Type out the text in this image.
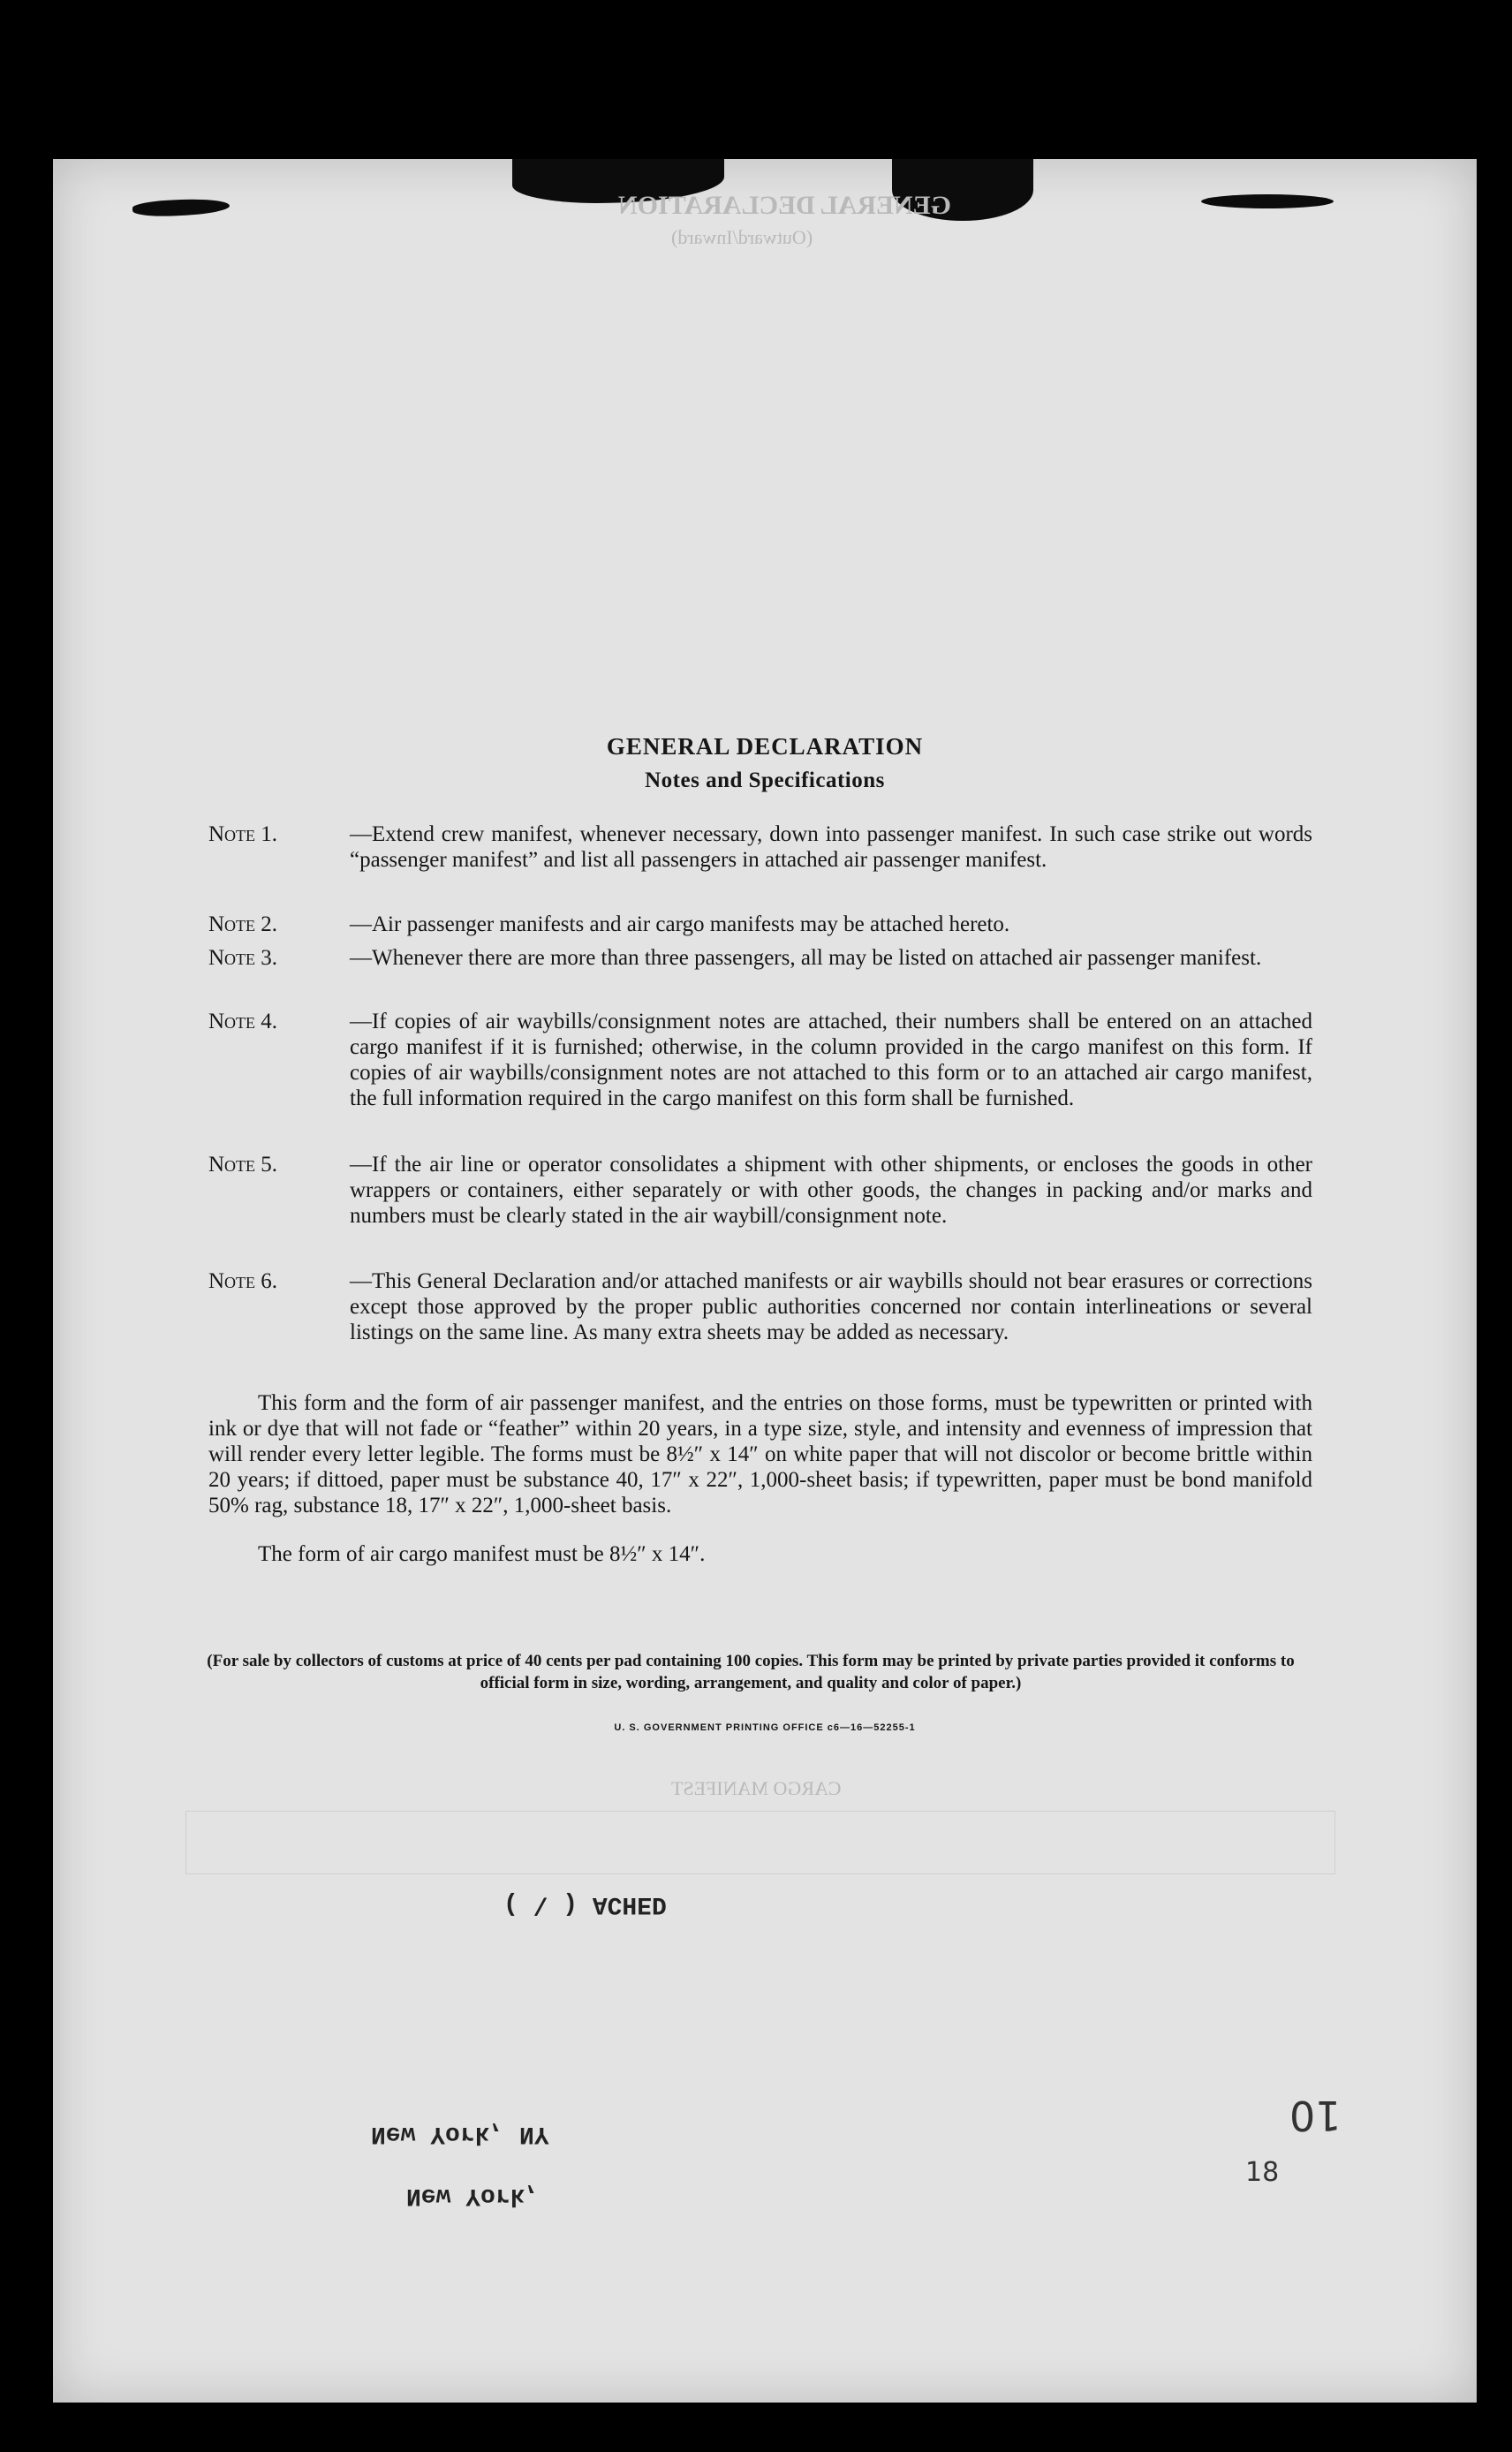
GENERAL DECLARATION
(Outward/Inward)
CARGO MANIFEST
GENERAL DECLARATION
Notes and Specifications
Note 1.	—Extend crew manifest, whenever necessary, down into passenger manifest. In such case strike out words “passenger manifest” and list all passengers in attached air passenger manifest.
Note 2.	—Air passenger manifests and air cargo manifests may be attached hereto.
Note 3.	—Whenever there are more than three passengers, all may be listed on attached air passenger manifest.
Note 4.	—If copies of air waybills/consignment notes are attached, their numbers shall be entered on an attached cargo manifest if it is furnished; otherwise, in the column provided in the cargo manifest on this form. If copies of air waybills/consignment notes are not attached to this form or to an attached air cargo manifest, the full information required in the cargo manifest on this form shall be furnished.
Note 5.	—If the air line or operator consolidates a shipment with other shipments, or encloses the goods in other wrappers or containers, either separately or with other goods, the changes in packing and/or marks and numbers must be clearly stated in the air waybill/consignment note.
Note 6.	—This General Declaration and/or attached manifests or air waybills should not bear erasures or corrections except those approved by the proper public authorities concerned nor contain interlineations or several listings on the same line. As many extra sheets may be added as necessary.
This form and the form of air passenger manifest, and the entries on those forms, must be typewritten or printed with ink or dye that will not fade or “feather” within 20 years, in a type size, style, and intensity and evenness of impression that will render every letter legible. The forms must be 8½″ x 14″ on white paper that will not discolor or become brittle within 20 years; if dittoed, paper must be substance 40, 17″ x 22″, 1,000-sheet basis; if typewritten, paper must be bond manifold 50% rag, substance 18, 17″ x 22″, 1,000-sheet basis.
The form of air cargo manifest must be 8½″ x 14″.
(For sale by collectors of customs at price of 40 cents per pad containing 100 copies. This form may be printed by private parties provided it conforms to official form in size, wording, arrangement, and quality and color of paper.)
U. S. GOVERNMENT PRINTING OFFICE c6—16—52255-1
( \ ) ACHED
New York, NY
New York,
10
18
